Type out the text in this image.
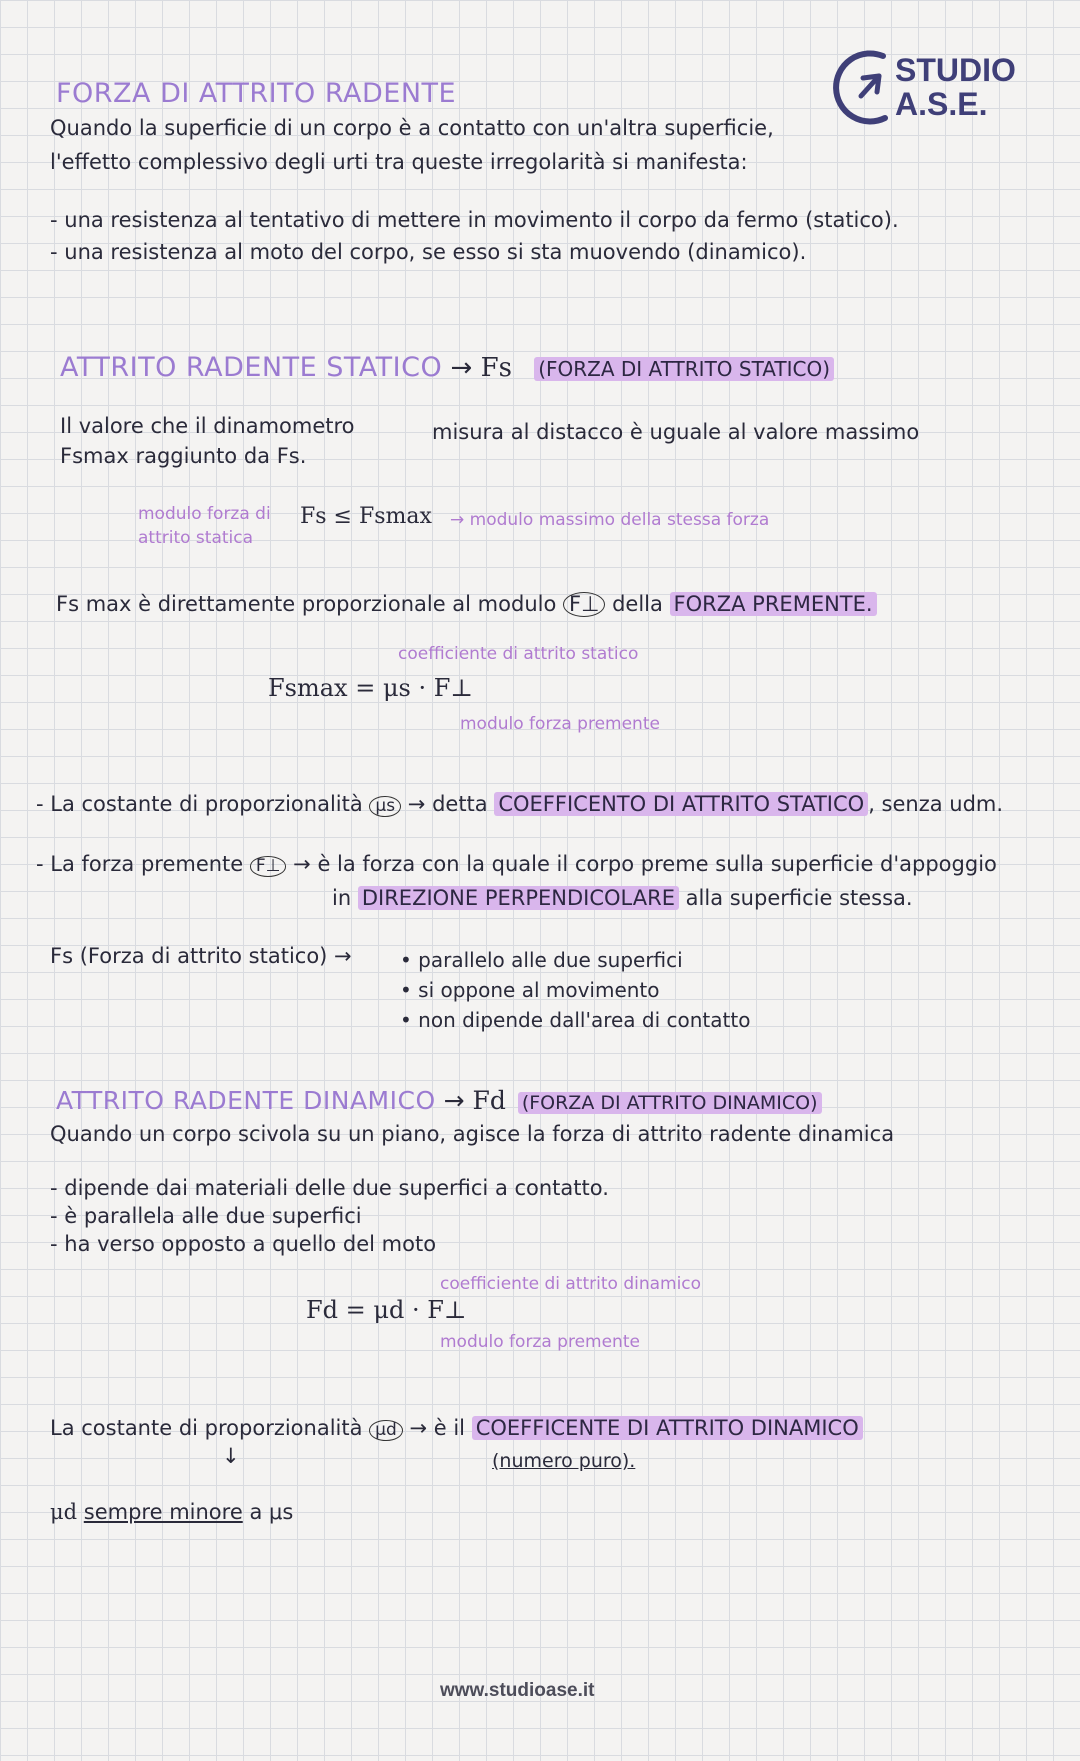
STUDIO
A.S.E.
FORZA DI ATTRITO RADENTE
Quando la superficie di un corpo è a contatto con un'altra superficie,
l'effetto complessivo degli urti tra queste irregolarità si manifesta:
- una resistenza al tentativo di mettere in movimento il corpo da fermo (statico).
- una resistenza al moto del corpo, se esso si sta muovendo (dinamico).
ATTRITO RADENTE STATICO → Fs (FORZA DI ATTRITO STATICO)
Il valore che il dinamometro	misura al distacco è uguale al valore massimo
Fsmax raggiunto da Fs.
modulo forza di
attrito statica
Fs ≤ Fsmax → modulo massimo della stessa forza
Fs max è direttamente proporzionale al modulo F⊥ della FORZA PREMENTE.
coefficiente di attrito statico
Fsmax = μs · F⊥
modulo forza premente
- La costante di proporzionalità μs → detta COEFFICENTO DI ATTRITO STATICO , senza udm.
- La forza premente F⊥ → è la forza con la quale il corpo preme sulla superficie d'appoggio
in DIREZIONE PERPENDICOLARE alla superficie stessa.
Fs (Forza di attrito statico) → • parallelo alle due superfici
• si oppone al movimento
• non dipende dall'area di contatto
ATTRITO RADENTE DINAMICO → Fd (FORZA DI ATTRITO DINAMICO)
Quando un corpo scivola su un piano, agisce la forza di attrito radente dinamica
- dipende dai materiali delle due superfici a contatto.
- è parallela alle due superfici
- ha verso opposto a quello del moto
coefficiente di attrito dinamico
Fd = μd · F⊥
modulo forza premente
La costante di proporzionalità μd → è il COEFFICENTE DI ATTRITO DINAMICO
↓	(numero puro).
μd sempre minore a μs
www.studioase.it
